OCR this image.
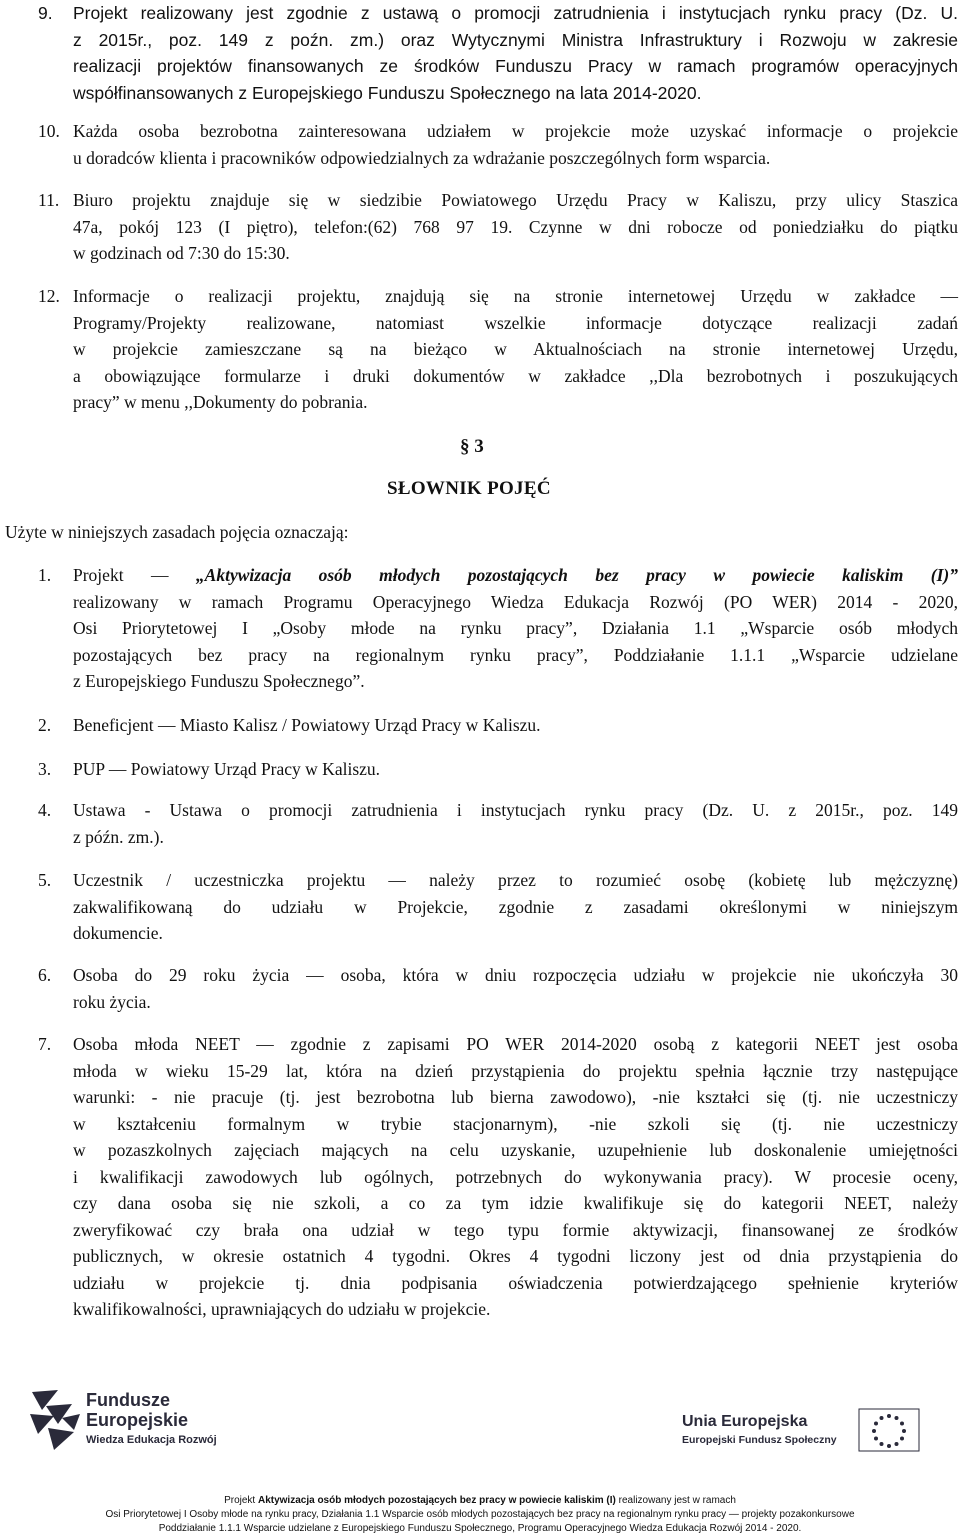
9.	Projekt realizowany jest zgodnie z ustawą o promocji zatrudnienia i instytucjach rynku pracy (Dz. U.

z 2015r., poz. 149 z poźn. zm.) oraz Wytycznymi Ministra Infrastruktury i Rozwoju w zakresie

realizacji projektów finansowanych ze środków Funduszu Pracy w ramach programów operacyjnych

współfinansowanych z Europejskiego Funduszu Społecznego na lata 2014-2020.

10. Każda osoba bezrobotna zainteresowana udziałem w projekcie może uzyskać informacje o projekcie

u doradców klienta i pracowników odpowiedzialnych za wdrażanie poszczególnych form wsparcia.

11. Biuro projektu znajduje się w siedzibie Powiatowego Urzędu Pracy w Kaliszu, przy ulicy Staszica

47a, pokój 123 (I piętro), telefon:(62) 768 97 19. Czynne w dni robocze od poniedziałku do piątku

w godzinach od 7:30 do 15:30.

12. Informacje o realizacji projektu, znajdują się na stronie internetowej Urzędu w zakładce —

Programy/Projekty realizowane, natomiast wszelkie informacje dotyczące realizacji zadań

w projekcie zamieszczane są na bieżąco w Aktualnościach na stronie internetowej Urzędu,

a obowiązujące formularze i druki dokumentów w zakładce ,,Dla bezrobotnych i poszukujących

pracy” w menu ,,Dokumenty do pobrania.

§ 3
SŁOWNIK POJĘĆ
Użyte w niniejszych zasadach pojęcia oznaczają:
1.	Projekt — „Aktywizacja osób młodych pozostających bez pracy w powiecie kaliskim (I)”

realizowany w ramach Programu Operacyjnego Wiedza Edukacja Rozwój (PO WER) 2014 - 2020,

Osi Priorytetowej I „Osoby młode na rynku pracy”, Działania 1.1 „Wsparcie osób młodych

pozostających bez pracy na regionalnym rynku pracy”, Poddziałanie 1.1.1 „Wsparcie udzielane

z Europejskiego Funduszu Społecznego”.

2.	Beneficjent — Miasto Kalisz / Powiatowy Urząd Pracy w Kaliszu.

3.	PUP — Powiatowy Urząd Pracy w Kaliszu.

4.	Ustawa - Ustawa o promocji zatrudnienia i instytucjach rynku pracy (Dz. U. z 2015r., poz. 149

z późn. zm.).

5.	Uczestnik / uczestniczka projektu — należy przez to rozumieć osobę (kobietę lub mężczyznę)

zakwalifikowaną do udziału w Projekcie, zgodnie z zasadami określonymi w niniejszym

dokumencie.

6.	Osoba do 29 roku życia — osoba, która w dniu rozpoczęcia udziału w projekcie nie ukończyła 30

roku życia.

7.	Osoba młoda NEET — zgodnie z zapisami PO WER 2014-2020 osobą z kategorii NEET jest osoba

młoda w wieku 15-29 lat, która na dzień przystąpienia do projektu spełnia łącznie trzy następujące

warunki: - nie pracuje (tj. jest bezrobotna lub bierna zawodowo), -nie kształci się (tj. nie uczestniczy

w kształceniu formalnym w trybie stacjonarnym), -nie szkoli się (tj. nie uczestniczy

w pozaszkolnych zajęciach mających na celu uzyskanie, uzupełnienie lub doskonalenie umiejętności

i kwalifikacji zawodowych lub ogólnych, potrzebnych do wykonywania pracy). W procesie oceny,

czy dana osoba się nie szkoli, a co za tym idzie kwalifikuje się do kategorii NEET, należy

zweryfikować czy brała ona udział w tego typu formie aktywizacji, finansowanej ze środków

publicznych, w okresie ostatnich 4 tygodni. Okres 4 tygodni liczony jest od dnia przystąpienia do

udziału w projekcie tj. dnia podpisania oświadczenia potwierdzającego spełnienie kryteriów

kwalifikowalności, uprawniających do udziału w projekcie.

Fundusze
Europejskie
Wiedza Edukacja Rozwój
Unia Europejska
Europejski Fundusz Społeczny
Projekt Aktywizacja osób młodych pozostających bez pracy w powiecie kaliskim (I) realizowany jest w ramach
Osi Priorytetowej I Osoby młode na rynku pracy, Działania 1.1 Wsparcie osób młodych pozostających bez pracy na regionalnym rynku pracy — projekty pozakonkursowe
Poddziałanie 1.1.1 Wsparcie udzielane z Europejskiego Funduszu Społecznego, Programu Operacyjnego Wiedza Edukacja Rozwój 2014 - 2020.
